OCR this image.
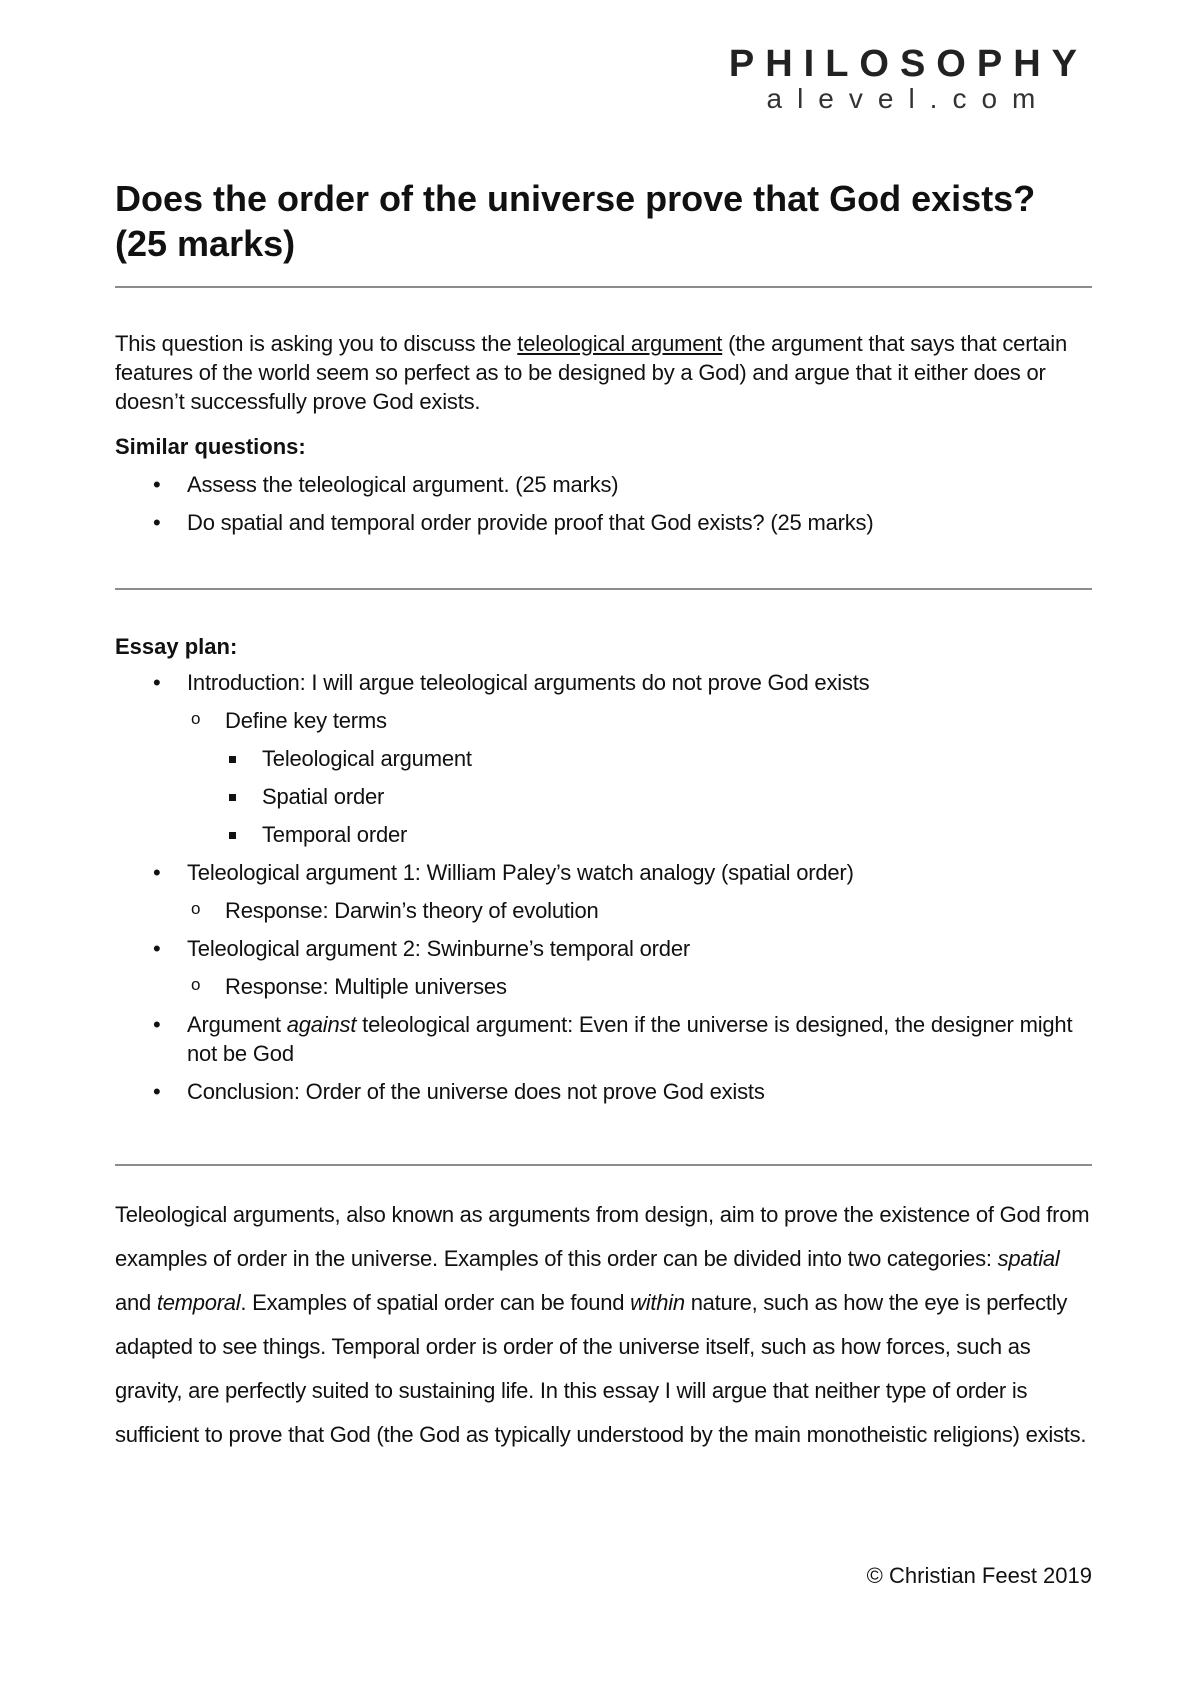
PHILOSOPHY
alevel.com
Does the order of the universe prove that God exists?
(25 marks)

This question is asking you to discuss the teleological argument (the argument that says that certain features of the world seem so perfect as to be designed by a God) and argue that it either does or doesn’t successfully prove God exists.

Similar questions:

• Assess the teleological argument. (25 marks)
• Do spatial and temporal order provide proof that God exists? (25 marks)

Essay plan:

• Introduction: I will argue teleological arguments do not prove God exists
o Define key terms
Teleological argument
Spatial order
Temporal order
• Teleological argument 1: William Paley’s watch analogy (spatial order)
o Response: Darwin’s theory of evolution
• Teleological argument 2: Swinburne’s temporal order
o Response: Multiple universes
• Argument against teleological argument: Even if the universe is designed, the designer might not be God
• Conclusion: Order of the universe does not prove God exists

Teleological arguments, also known as arguments from design, aim to prove the existence of God from examples of order in the universe. Examples of this order can be divided into two categories: spatial and temporal. Examples of spatial order can be found within nature, such as how the eye is perfectly adapted to see things. Temporal order is order of the universe itself, such as how forces, such as gravity, are perfectly suited to sustaining life. In this essay I will argue that neither type of order is sufficient to prove that God (the God as typically understood by the main monotheistic religions) exists.

© Christian Feest 2019
